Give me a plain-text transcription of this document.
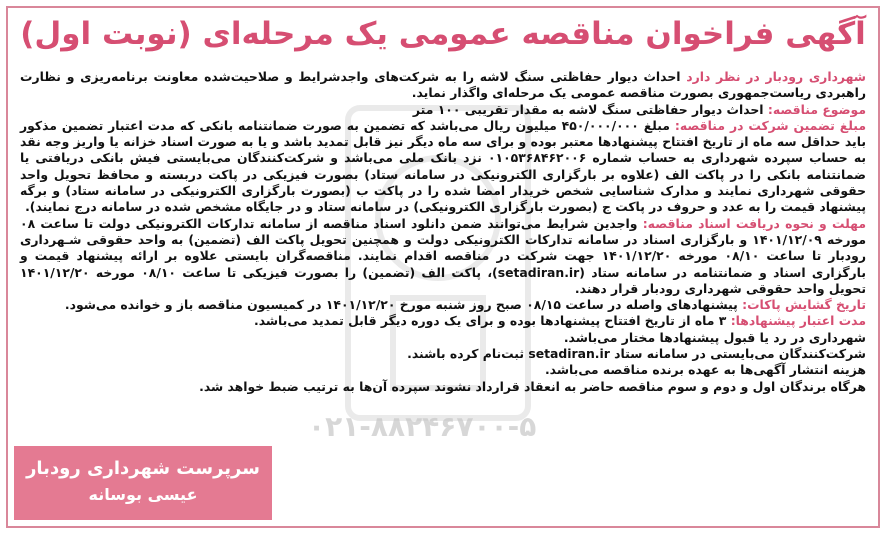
آگهی فراخوان مناقصه عمومی یک مرحله‌ای (نوبت اول)

شهرداری رودبار در نظر دارد احداث دیوار حفاظتی سنگ لاشه را به شرکت‌های واجدشرایط و صلاحیت‌شده معاونت برنامه‌ریزی و نظارت راهبردی ریاست‌جمهوری بصورت مناقصه عمومی یک مرحله‌ای واگذار نماید.

موضوع مناقصه: احداث دیوار حفاظتی سنگ لاشه به مقدار تقریبی ۱۰۰ متر

مبلغ تضمین شرکت در مناقصه: مبلغ ۴۵۰/۰۰۰/۰۰۰ میلیون ریال می‌باشد که تضمین به صورت ضمانتنامه بانکی که مدت اعتبار تضمین مذکور باید حداقل سه ماه از تاریخ افتتاح پیشنهادها معتبر بوده و برای سه ماه دیگر نیز قابل تمدید باشد و یا به صورت اسناد خزانه یا واریز وجه نقد به حساب سپرده شهرداری به حساب شماره ۰۱۰۵۳۶۸۴۶۲۰۰۶ نزد بانک ملی می‌باشد و شرکت‌کنندگان می‌بایستی فیش بانکی دریافتی یا ضمانتنامه بانکی را در پاکت الف (علاوه بر بارگزاری الکترونیکی در سامانه ستاد) بصورت فیزیکی در پاکت دربسته و محافظ تحویل واحد حقوقی شهرداری نمایند و مدارک شناسایی شخص خریدار امضا شده را در پاکت ب (بصورت بارگزاری الکترونیکی در سامانه ستاد) و برگه پیشنهاد قیمت را به عدد و حروف در پاکت ج (بصورت بارگزاری الکترونیکی) در سامانه ستاد و در جایگاه مشخص شده در سامانه درج نمایند).

مهلت و نحوه دریافت اسناد مناقصه: واجدین شرایط می‌توانند ضمن دانلود اسناد مناقصه از سامانه تدارکات الکترونیکی دولت تا ساعت ۰۸ مورخه ۱۴۰۱/۱۲/۰۹ و بارگزاری اسناد در سامانه تدارکات الکترونیکی دولت و همچنین تحویل پاکت الف (تضمین) به واحد حقوقی شـهرداری رودبار تا ساعت ۰۸/۱۰ مورخه ۱۴۰۱/۱۲/۲۰ جهت شرکت در مناقصه اقدام نمایند. مناقصه‌گران بایستی علاوه بر ارائه پیشنهاد قیمت و بارگزاری اسناد و ضمانتنامه در سامانه ستاد (setadiran.ir)، پاکت الف (تضمین) را بصورت فیزیکی تا ساعت ۰۸/۱۰ مورخه ۱۴۰۱/۱۲/۲۰ تحویل واحد حقوقی شهرداری رودبار قرار دهند.

تاریخ گشایش پاکات: پیشنهادهای واصله در ساعت ۰۸/۱۵ صبح روز شنبه مورخ ۱۴۰۱/۱۲/۲۰ در کمیسیون مناقصه باز و خوانده می‌شود.

مدت اعتبار پیشنهادها: ۳ ماه از تاریخ افتتاح پیشنهادها بوده و برای یک دوره دیگر قابل تمدید می‌باشد.

شهرداری در رد یا قبول پیشنهادها مختار می‌باشد.

شرکت‌کنندگان می‌بایستی در سامانه ستاد setadiran.ir ثبت‌نام کرده باشند.

هزینه انتشار آگهی‌ها به عهده برنده مناقصه می‌باشد.

هرگاه برندگان اول و دوم و سوم مناقصه حاضر به انعقاد قرارداد نشوند سپرده آن‌ها به ترتیب ضبط خواهد شد.

۰۲۱-۸۸۲۴۶۷۰۰-۵
سرپرست شهرداری رودبار
عیسی بوسانه
